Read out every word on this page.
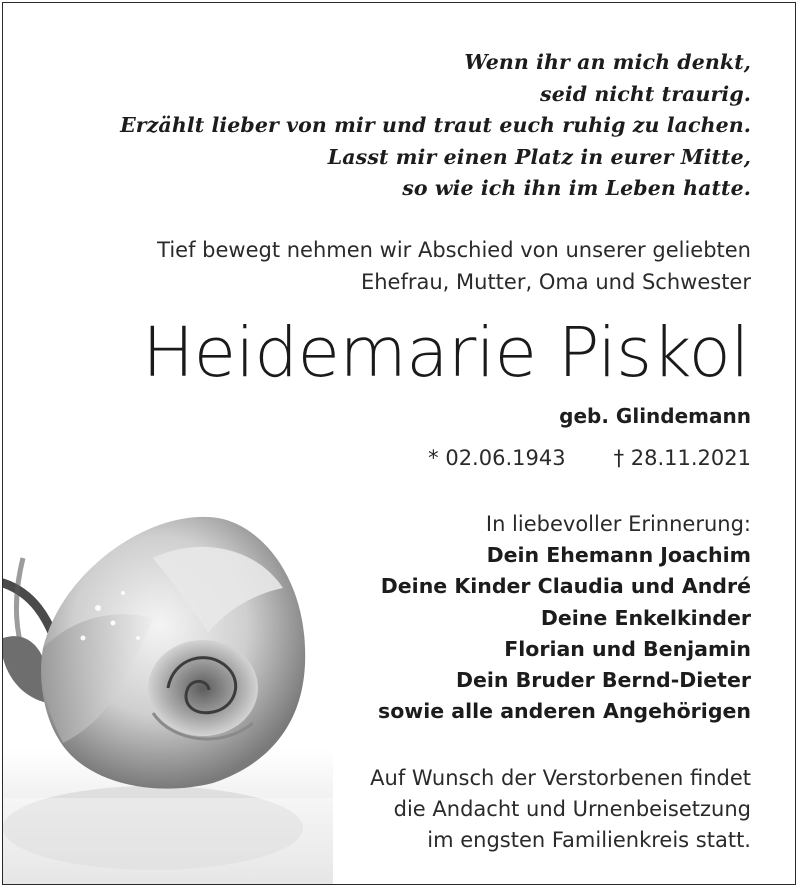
Wenn ihr an mich denkt,
seid nicht traurig.
Erzählt lieber von mir und traut euch ruhig zu lachen.
Lasst mir einen Platz in eurer Mitte,
so wie ich ihn im Leben hatte.
Tief bewegt nehmen wir Abschied von unserer geliebten
Ehefrau, Mutter, Oma und Schwester
Heidemarie Piskol
geb. Glindemann
* 02.06.1943 † 28.11.2021
In liebevoller Erinnerung:
Dein Ehemann Joachim
Deine Kinder Claudia und André
Deine Enkelkinder
Florian und Benjamin
Dein Bruder Bernd-Dieter
sowie alle anderen Angehörigen
Auf Wunsch der Verstorbenen findet
die Andacht und Urnenbeisetzung
im engsten Familienkreis statt.
